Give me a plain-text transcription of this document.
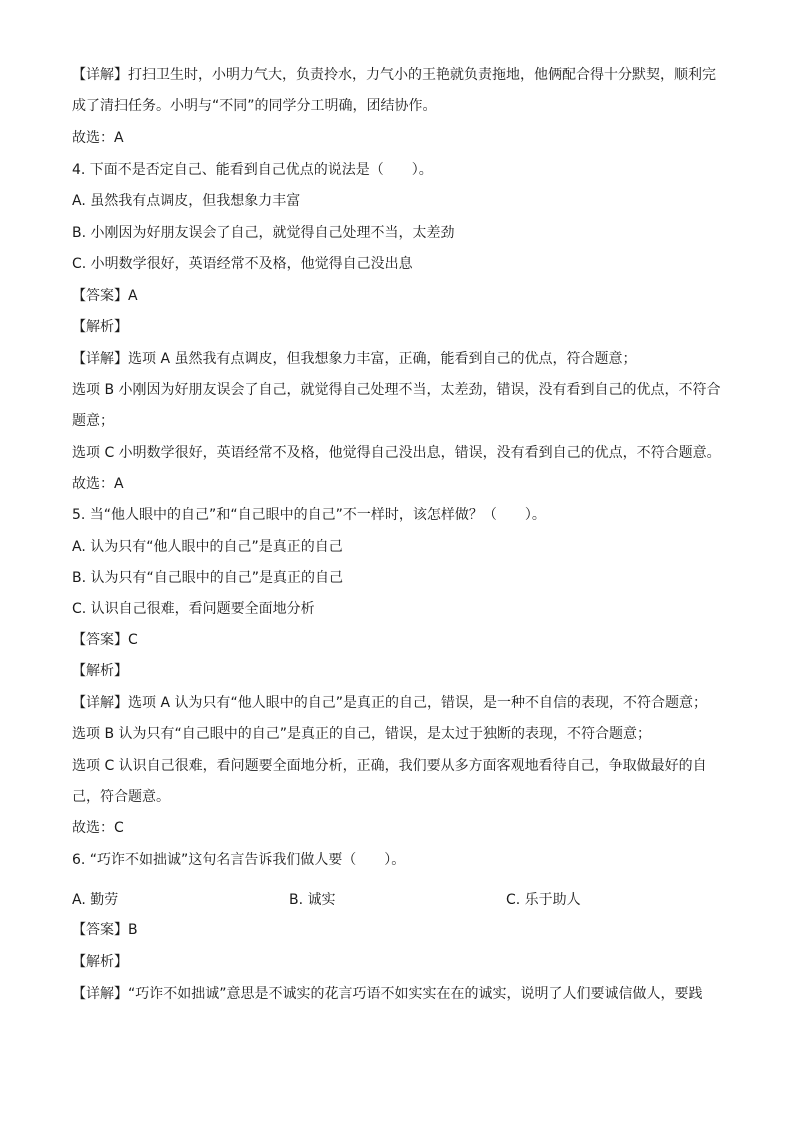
【详解】打扫卫生时，小明力气大，负责拎水，力气小的王艳就负责拖地，他俩配合得十分默契，顺利完
成了清扫任务。小明与“不同”的同学分工明确，团结协作。
故选：A
4. 下面不是否定自己、能看到自己优点的说法是（　　）。
A. 虽然我有点调皮，但我想象力丰富
B. 小刚因为好朋友误会了自己，就觉得自己处理不当，太差劲
C. 小明数学很好，英语经常不及格，他觉得自己没出息
【答案】A
【解析】
【详解】选项 A 虽然我有点调皮，但我想象力丰富，正确，能看到自己的优点，符合题意；
选项 B 小刚因为好朋友误会了自己，就觉得自己处理不当，太差劲，错误，没有看到自己的优点，不符合
题意；
选项 C 小明数学很好，英语经常不及格，他觉得自己没出息，错误，没有看到自己的优点，不符合题意。
故选：A
5. 当“他人眼中的自己”和“自己眼中的自己”不一样时，该怎样做？（　　）。
A. 认为只有“他人眼中的自己”是真正的自己
B. 认为只有“自己眼中的自己”是真正的自己
C. 认识自己很难，看问题要全面地分析
【答案】C
【解析】
【详解】选项 A 认为只有“他人眼中的自己”是真正的自己，错误，是一种不自信的表现，不符合题意；
选项 B 认为只有“自己眼中的自己”是真正的自己，错误，是太过于独断的表现，不符合题意；
选项 C 认识自己很难，看问题要全面地分析，正确，我们要从多方面客观地看待自己，争取做最好的自
己，符合题意。
故选：C
6. “巧诈不如拙诚”这句名言告诉我们做人要（　　）。
A. 勤劳	B. 诚实	C. 乐于助人
【答案】B
【解析】
【详解】“巧诈不如拙诚”意思是不诚实的花言巧语不如实实在在的诚实，说明了人们要诚信做人，要践
